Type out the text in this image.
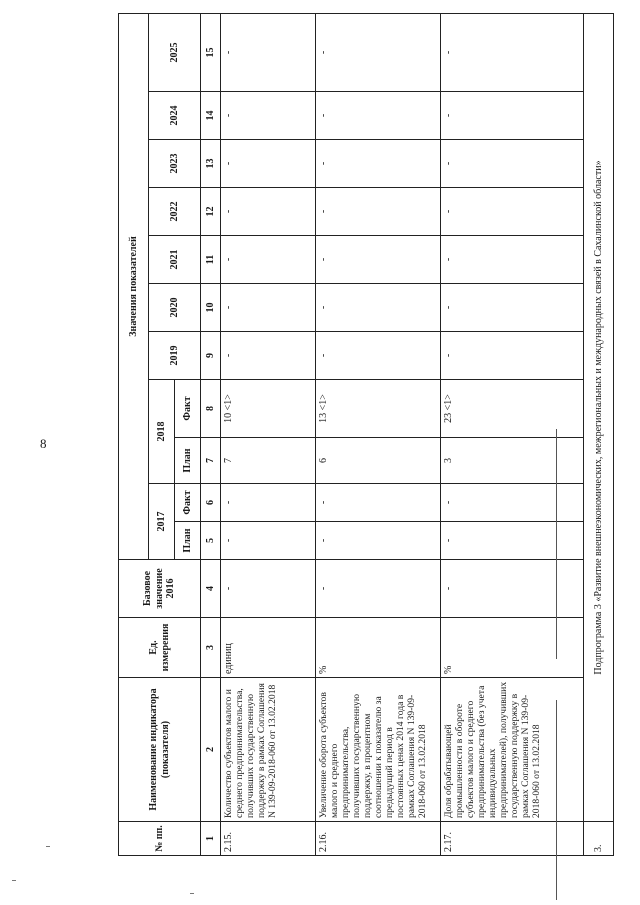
8
№ пп.	Наименование индикатора (показателя)	Ед. измерения	Базовое значение 2016	Значения показателей										
				2017		2018		2019	2020	2021	2022	2023	2024	2025
				План	Факт	План	Факт							
1	2	3	4	5	6	7	8	9	10	11	12	13	14	15
2.15.	Количество субъектов малого и среднего предпринимательства, получивших государственную поддержку в рамках Соглашения N 139-09-2018-060 от 13.02.2018	единиц	-	-	-	7	10 <1>	-	-	-	-	-	-	-
2.16.	Увеличение оборота субъектов малого и среднего предпринимательства, получивших государственную поддержку, в процентном соотношении к показателю за предыдущий период в постоянных ценах 2014 года в рамках Соглашения N 139-09-2018-060 от 13.02.2018	%	-	-	-	6	13 <1>	-	-	-	-	-	-	-
2.17.	Доля обрабатывающей промышленности в обороте субъектов малого и среднего предпринимательства (без учета индивидуальных предпринимателей), получивших государственную поддержку в рамках Соглашения N 139-09-2018-060 от 13.02.2018	%	-	-	-	3	23 <1>	-	-	-	-	-	-	-
3.	Подпрограмма 3 «Развитие внешнеэкономических, межрегиональных и международных связей в Сахалинской области»													
